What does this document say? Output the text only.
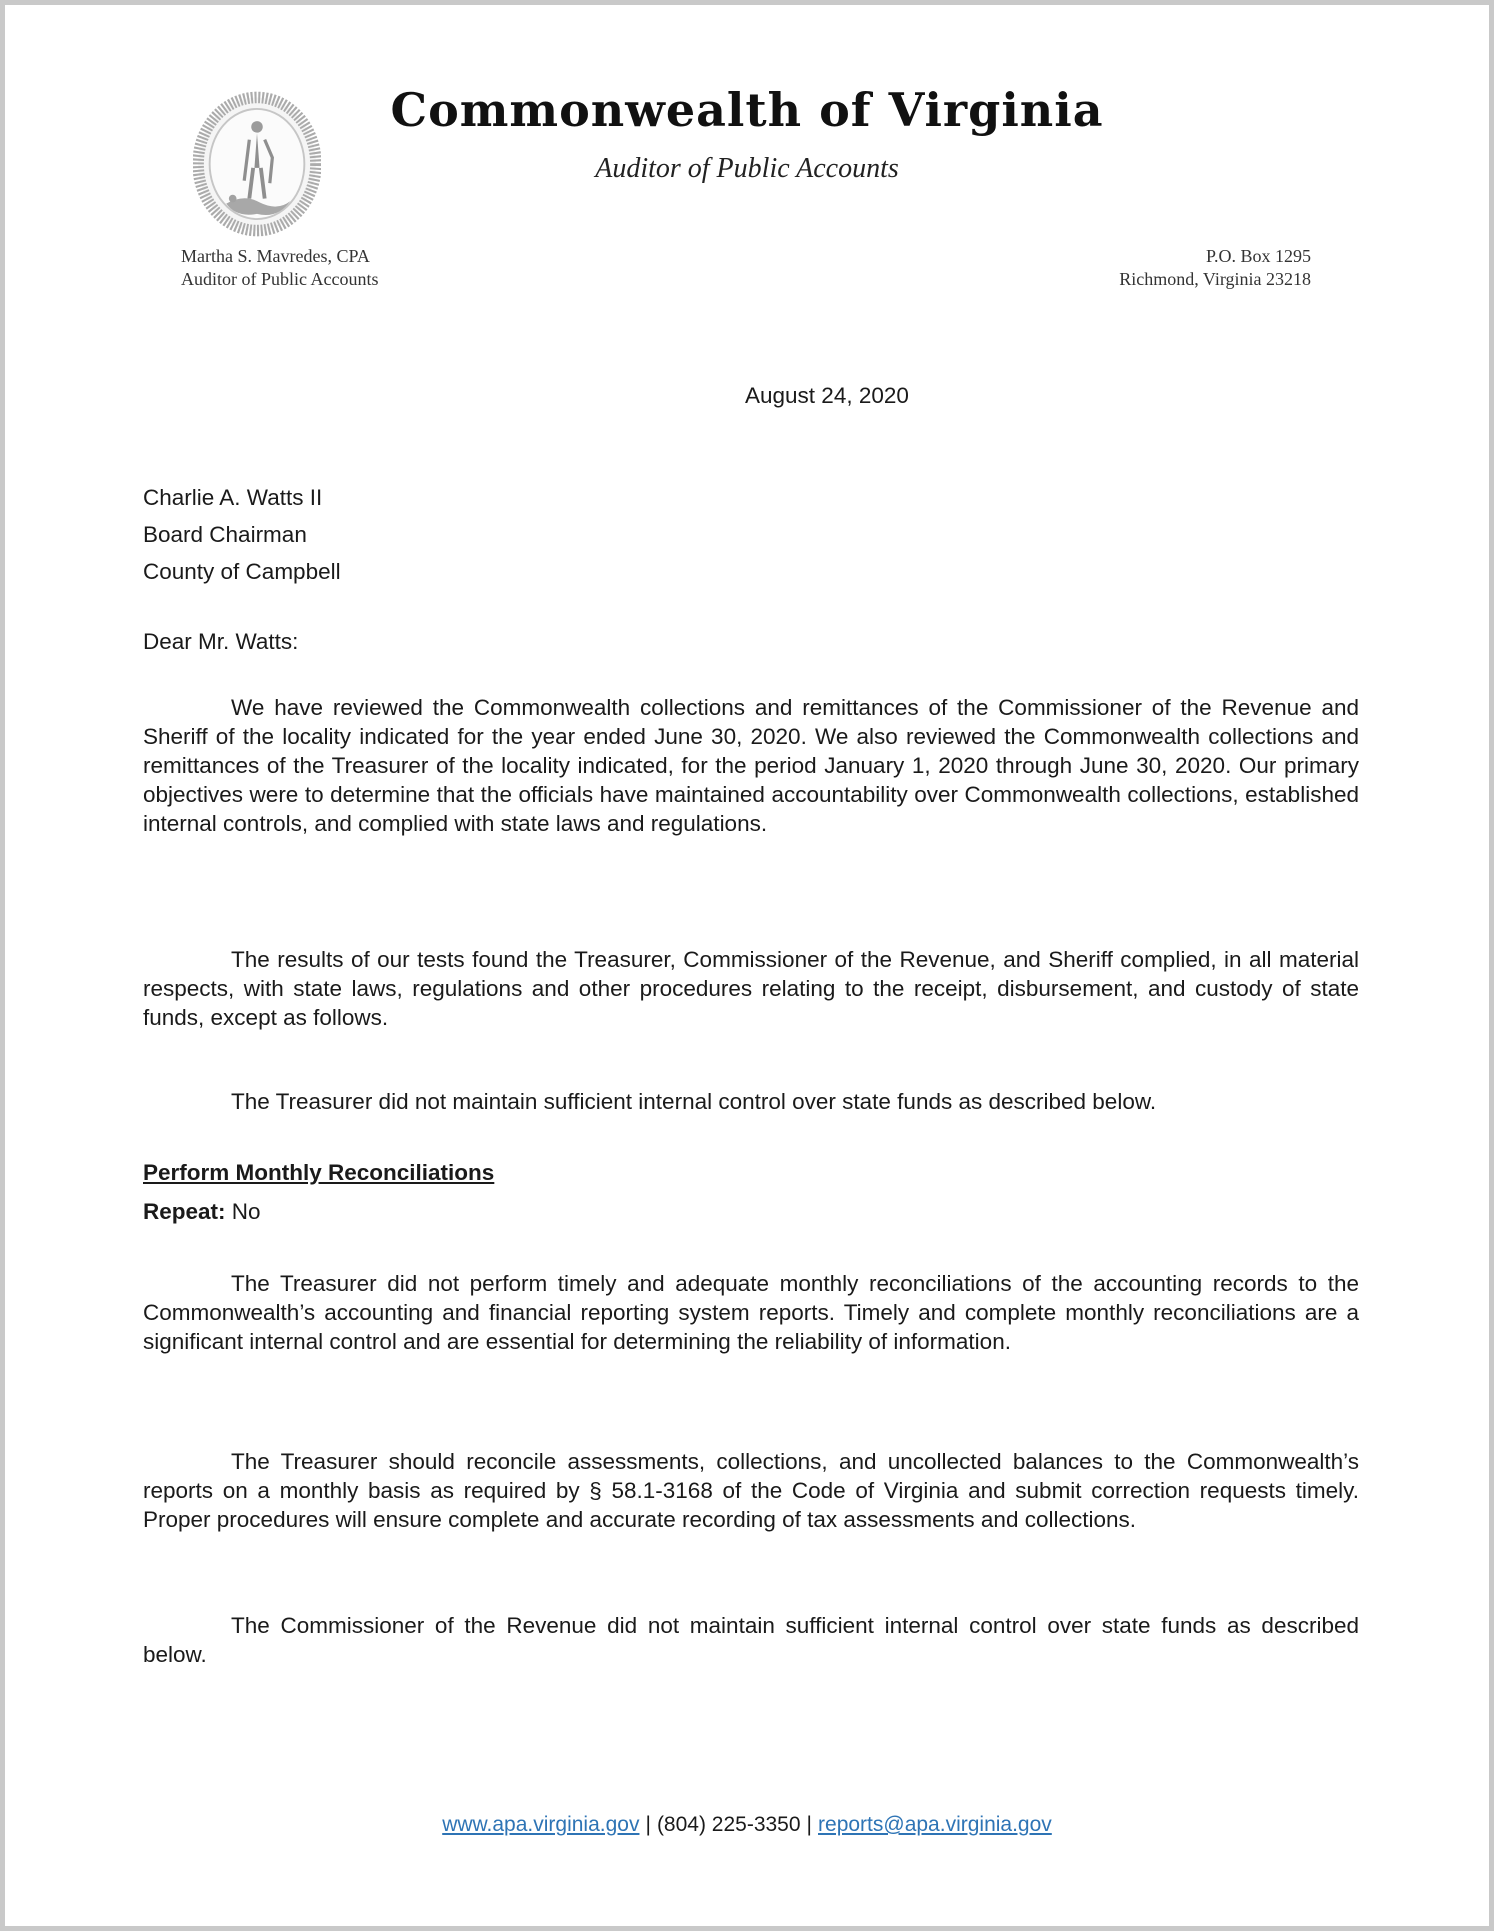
Commonwealth of Virginia
Auditor of Public Accounts
Martha S. Mavredes, CPA
Auditor of Public Accounts
P.O. Box 1295
Richmond, Virginia 23218
August 24, 2020
Charlie A. Watts II
Board Chairman
County of Campbell
Dear Mr. Watts:

We have reviewed the Commonwealth collections and remittances of the Commissioner of the Revenue and Sheriff of the locality indicated for the year ended June 30, 2020. We also reviewed the Commonwealth collections and remittances of the Treasurer of the locality indicated, for the period January 1, 2020 through June 30, 2020. Our primary objectives were to determine that the officials have maintained accountability over Commonwealth collections, established internal controls, and complied with state laws and regulations.

The results of our tests found the Treasurer, Commissioner of the Revenue, and Sheriff complied, in all material respects, with state laws, regulations and other procedures relating to the receipt, disbursement, and custody of state funds, except as follows.

The Treasurer did not maintain sufficient internal control over state funds as described below.

Perform Monthly Reconciliations
Repeat: No

The Treasurer did not perform timely and adequate monthly reconciliations of the accounting records to the Commonwealth’s accounting and financial reporting system reports. Timely and complete monthly reconciliations are a significant internal control and are essential for determining the reliability of information.

The Treasurer should reconcile assessments, collections, and uncollected balances to the Commonwealth’s reports on a monthly basis as required by § 58.1-3168 of the Code of Virginia and submit correction requests timely. Proper procedures will ensure complete and accurate recording of tax assessments and collections.

The Commissioner of the Revenue did not maintain sufficient internal control over state funds as described below.

www.apa.virginia.gov | (804) 225-3350 | reports@apa.virginia.gov
